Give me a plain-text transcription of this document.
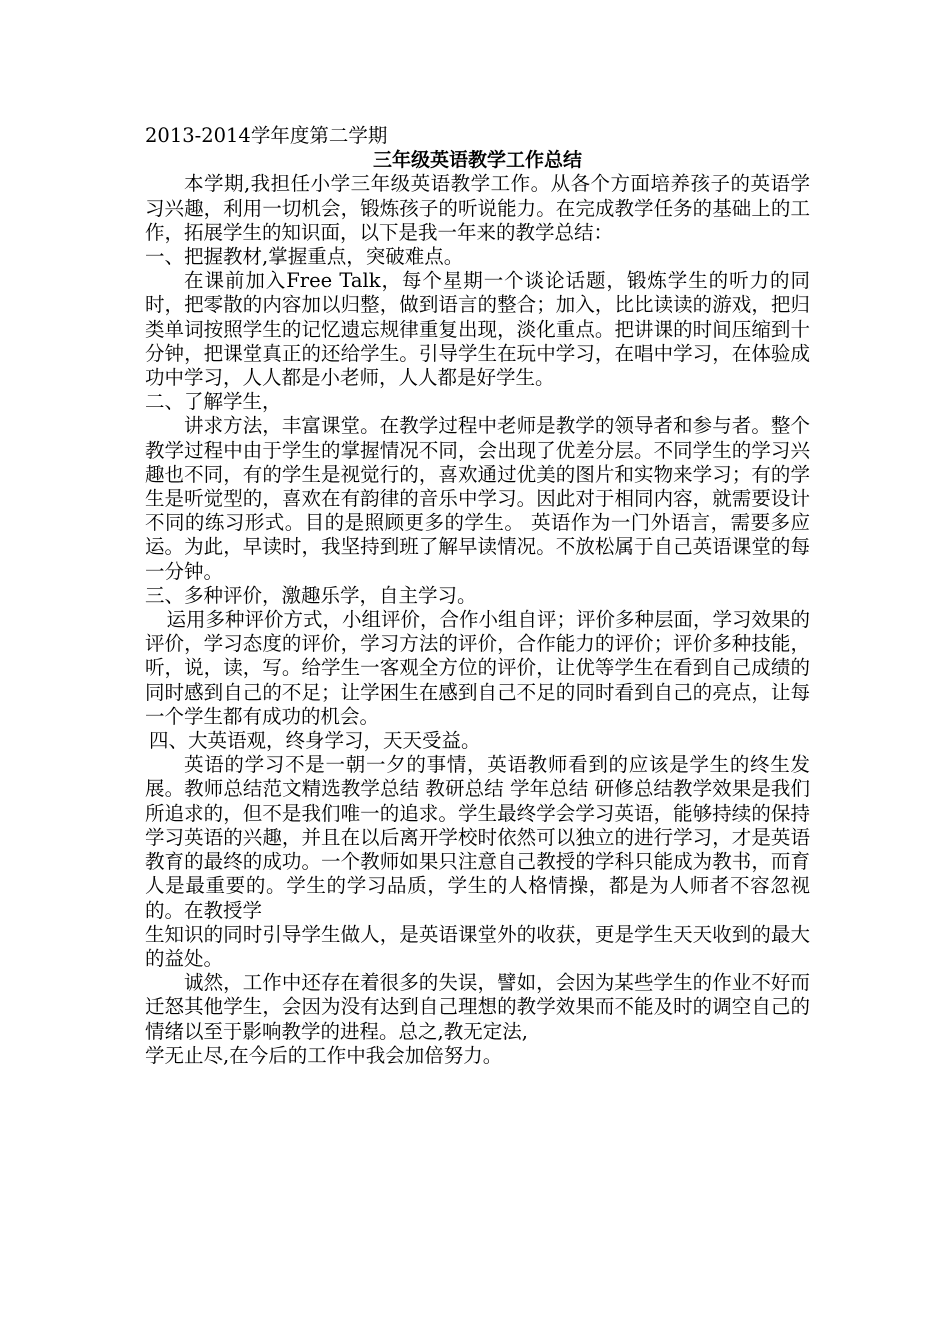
2013-2014学年度第二学期

三年级英语教学工作总结

本学期,我担任小学三年级英语教学工作。从各个方面培养孩子的英语学习兴趣，利用一切机会，锻炼孩子的听说能力。在完成教学任务的基础上的工作，拓展学生的知识面，以下是我一年来的教学总结：

一、把握教材,掌握重点，突破难点。

在课前加入Free Talk，每个星期一个谈论话题，锻炼学生的听力的同时，把零散的内容加以归整，做到语言的整合；加入，比比读读的游戏，把归类单词按照学生的记忆遗忘规律重复出现，淡化重点。把讲课的时间压缩到十分钟，把课堂真正的还给学生。引导学生在玩中学习，在唱中学习，在体验成功中学习，人人都是小老师，人人都是好学生。

二、了解学生，

讲求方法，丰富课堂。在教学过程中老师是教学的领导者和参与者。整个教学过程中由于学生的掌握情况不同，会出现了优差分层。不同学生的学习兴趣也不同，有的学生是视觉行的，喜欢通过优美的图片和实物来学习；有的学生是听觉型的，喜欢在有韵律的音乐中学习。因此对于相同内容，就需要设计不同的练习形式。目的是照顾更多的学生。 英语作为一门外语言，需要多应运。为此，早读时，我坚持到班了解早读情况。不放松属于自己英语课堂的每一分钟。

三、多种评价，激趣乐学，自主学习。

运用多种评价方式，小组评价，合作小组自评；评价多种层面，学习效果的评价，学习态度的评价，学习方法的评价，合作能力的评价；评价多种技能，听，说，读，写。给学生一客观全方位的评价，让优等学生在看到自己成绩的同时感到自己的不足；让学困生在感到自己不足的同时看到自己的亮点，让每一个学生都有成功的机会。

四、大英语观，终身学习，天天受益。

英语的学习不是一朝一夕的事情，英语教师看到的应该是学生的终生发展。教师总结范文精选教学总结 教研总结 学年总结 研修总结教学效果是我们所追求的，但不是我们唯一的追求。学生最终学会学习英语，能够持续的保持学习英语的兴趣，并且在以后离开学校时依然可以独立的进行学习，才是英语教育的最终的成功。一个教师如果只注意自己教授的学科只能成为教书，而育人是最重要的。学生的学习品质，学生的人格情操，都是为人师者不容忽视的。在教授学

生知识的同时引导学生做人，是英语课堂外的收获，更是学生天天收到的最大的益处。

诚然，工作中还存在着很多的失误，譬如，会因为某些学生的作业不好而迁怒其他学生，会因为没有达到自己理想的教学效果而不能及时的调空自己的情绪以至于影响教学的进程。总之,教无定法,

学无止尽,在今后的工作中我会加倍努力。
